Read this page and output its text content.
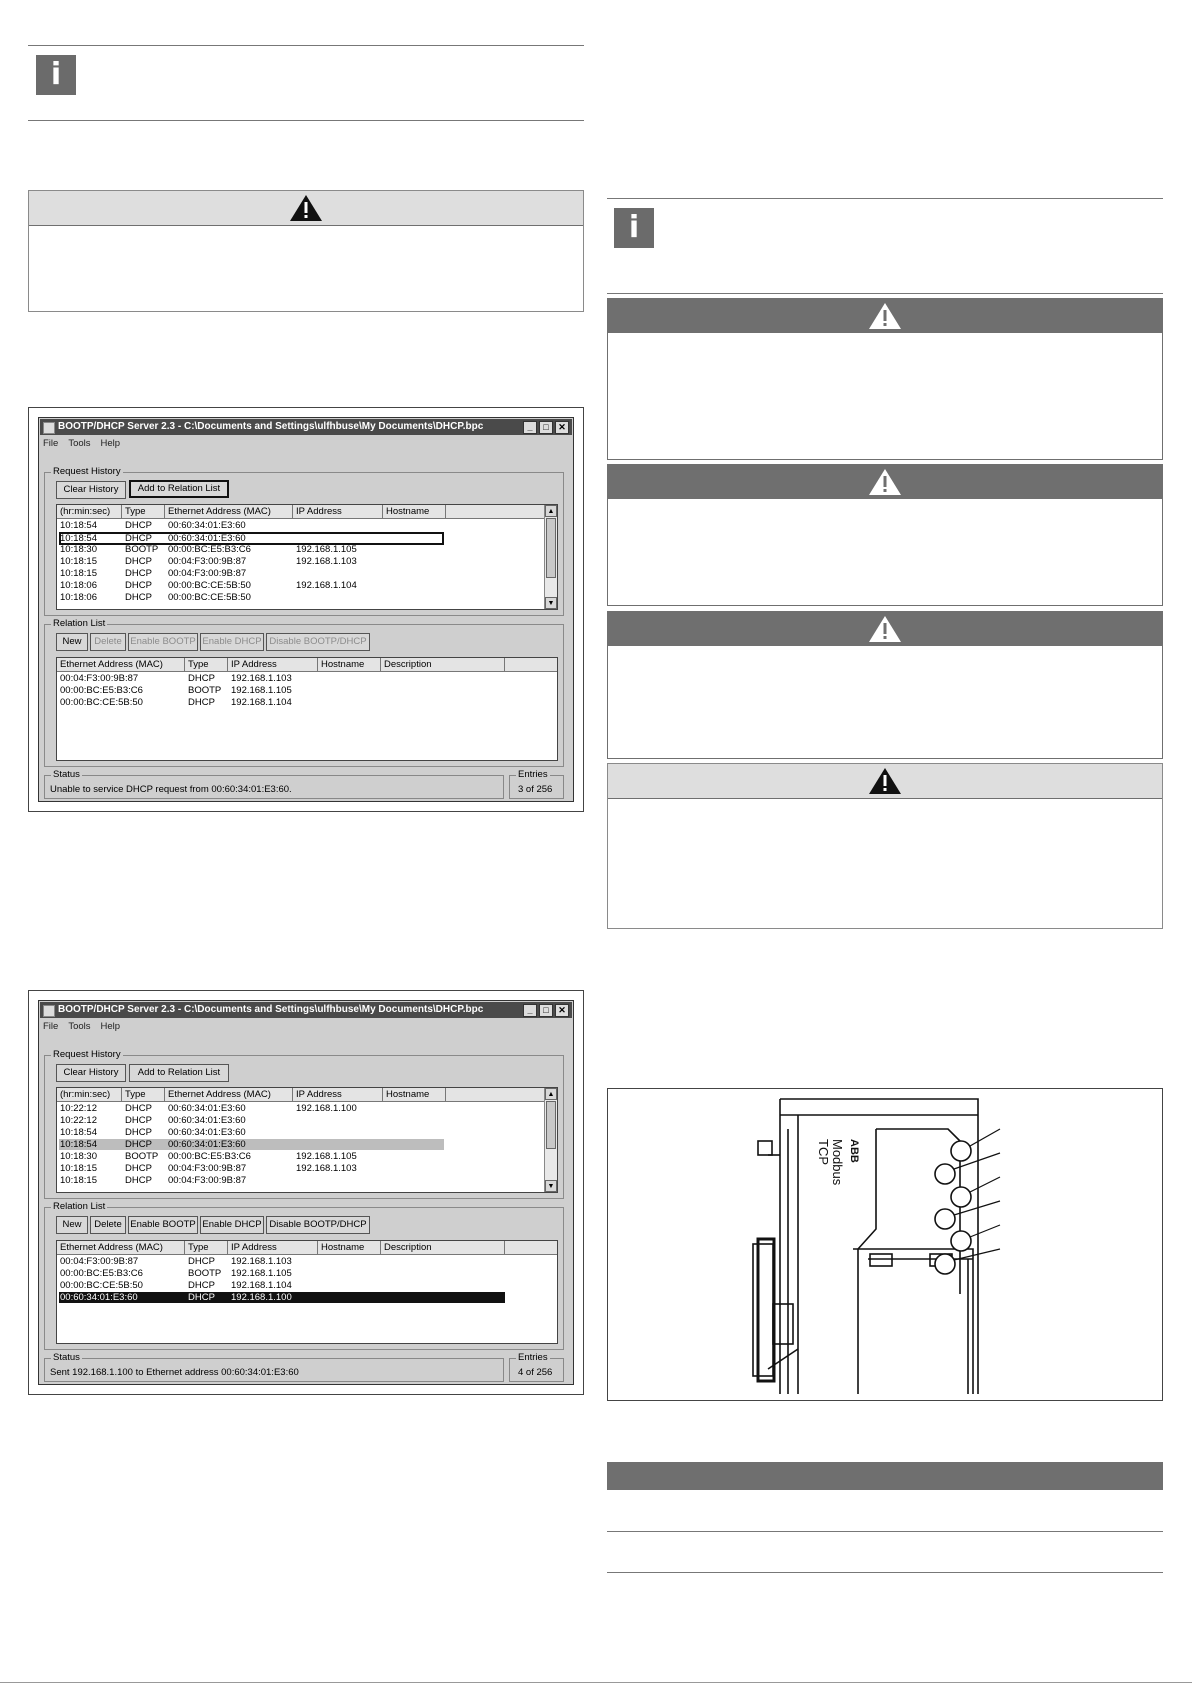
i
BOOTP/DHCP Server 2.3 - C:\Documents and Settings\ulfhbuse\My Documents\DHCP.bpc	_	□	✕
File Tools Help
Request History
Clear History	Add to Relation List
(hr:min:sec)	Type	Ethernet Address (MAC)	IP Address	Hostname
10:18:54	DHCP 00:60:34:01:E3:60
10:18:54	DHCP 00:60:34:01:E3:60
10:18:30	BOOTP 00:00:BC:E5:B3:C6	192.168.1.105
10:18:15	DHCP 00:04:F3:00:9B:87	192.168.1.103
10:18:15	DHCP 00:04:F3:00:9B:87
10:18:06	DHCP 00:00:BC:CE:5B:50	192.168.1.104
10:18:06	DHCP 00:00:BC:CE:5B:50
▲
▼
Relation List
New	Delete Enable BOOTP Enable DHCP Disable BOOTP/DHCP
Ethernet Address (MAC)	Type	IP Address	Hostname	Description
00:04:F3:00:9B:87	DHCP 192.168.1.103
00:00:BC:E5:B3:C6	BOOTP 192.168.1.105
00:00:BC:CE:5B:50	DHCP 192.168.1.104
Status
Unable to service DHCP request from 00:60:34:01:E3:60.
Entries
3 of 256
BOOTP/DHCP Server 2.3 - C:\Documents and Settings\ulfhbuse\My Documents\DHCP.bpc	_	□	✕
File Tools Help
Request History
Clear History	Add to Relation List
(hr:min:sec)	Type	Ethernet Address (MAC)	IP Address	Hostname
10:22:12	DHCP 00:60:34:01:E3:60	192.168.1.100
10:22:12	DHCP 00:60:34:01:E3:60
10:18:54	DHCP 00:60:34:01:E3:60
10:18:54	DHCP 00:60:34:01:E3:60
10:18:30	BOOTP 00:00:BC:E5:B3:C6	192.168.1.105
10:18:15	DHCP 00:04:F3:00:9B:87	192.168.1.103
10:18:15	DHCP 00:04:F3:00:9B:87
▲
▼
Relation List
New	Delete Enable BOOTP Enable DHCP Disable BOOTP/DHCP
Ethernet Address (MAC)	Type	IP Address	Hostname	Description
00:04:F3:00:9B:87	DHCP 192.168.1.103
00:00:BC:E5:B3:C6	BOOTP 192.168.1.105
00:00:BC:CE:5B:50	DHCP 192.168.1.104
00:60:34:01:E3:60	DHCP 192.168.1.100
Status
Sent 192.168.1.100 to Ethernet address 00:60:34:01:E3:60
Entries
4 of 256
i
Modbus
TCP ABB
